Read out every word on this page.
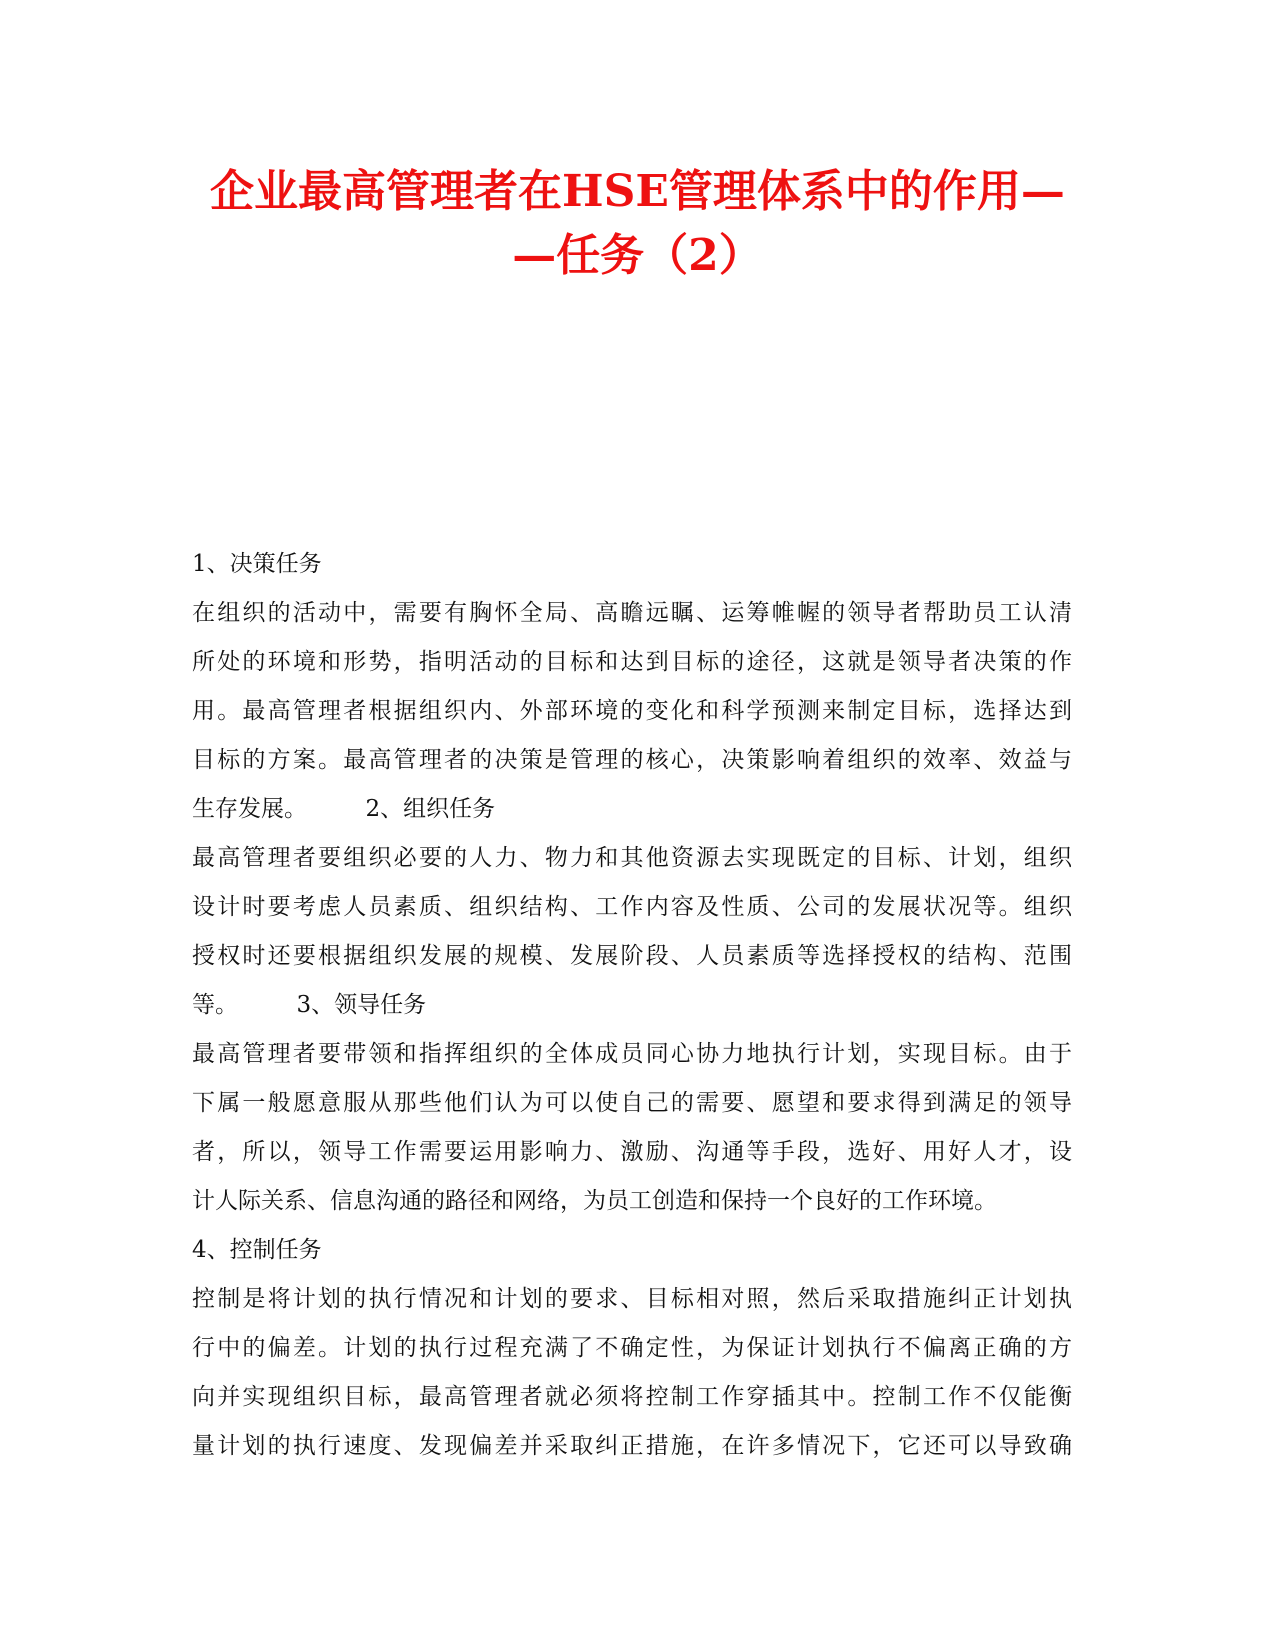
企业最高管理者在HSE管理体系中的作用—
—任务（2）
1、决策任务
在组织的活动中，需要有胸怀全局、高瞻远瞩、运筹帷幄的领导者帮助员工认清
所处的环境和形势，指明活动的目标和达到目标的途径，这就是领导者决策的作
用。最高管理者根据组织内、外部环境的变化和科学预测来制定目标，选择达到
目标的方案。最高管理者的决策是管理的核心，决策影响着组织的效率、效益与
生存发展。        2、组织任务
最高管理者要组织必要的人力、物力和其他资源去实现既定的目标、计划，组织
设计时要考虑人员素质、组织结构、工作内容及性质、公司的发展状况等。组织
授权时还要根据组织发展的规模、发展阶段、人员素质等选择授权的结构、范围
等。        3、领导任务
最高管理者要带领和指挥组织的全体成员同心协力地执行计划，实现目标。由于
下属一般愿意服从那些他们认为可以使自己的需要、愿望和要求得到满足的领导
者，所以，领导工作需要运用影响力、激励、沟通等手段，选好、用好人才，设
计人际关系、信息沟通的路径和网络，为员工创造和保持一个良好的工作环境。
4、控制任务
控制是将计划的执行情况和计划的要求、目标相对照，然后采取措施纠正计划执
行中的偏差。计划的执行过程充满了不确定性，为保证计划执行不偏离正确的方
向并实现组织目标，最高管理者就必须将控制工作穿插其中。控制工作不仅能衡
量计划的执行速度、发现偏差并采取纠正措施，在许多情况下，它还可以导致确
